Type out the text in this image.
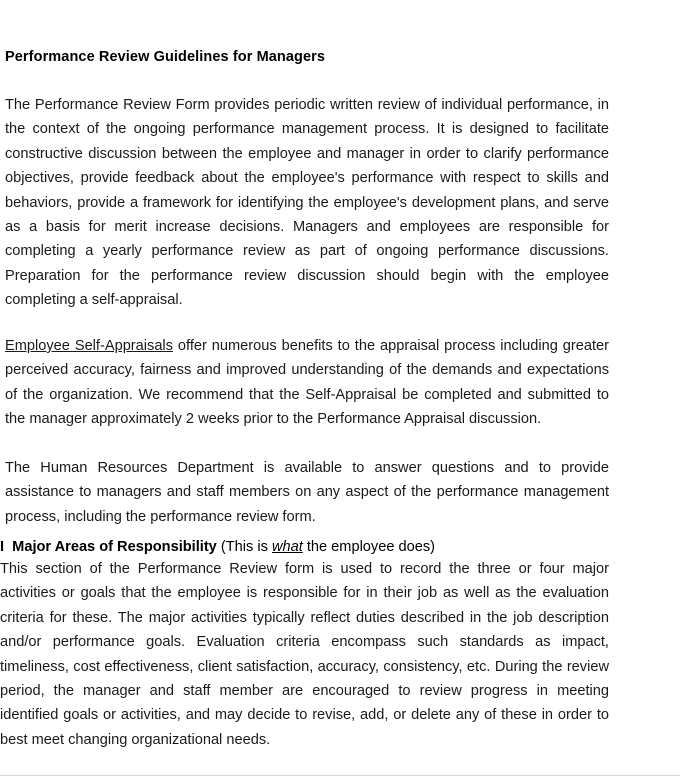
Performance Review Guidelines for Managers

The Performance Review Form provides periodic written review of individual performance, in the context of the ongoing performance management process. It is designed to facilitate constructive discussion between the employee and manager in order to clarify performance objectives, provide feedback about the employee's performance with respect to skills and behaviors, provide a framework for identifying the employee's development plans, and serve as a basis for merit increase decisions. Managers and employees are responsible for completing a yearly performance review as part of ongoing performance discussions. Preparation for the performance review discussion should begin with the employee completing a self-appraisal.

Employee Self-Appraisals offer numerous benefits to the appraisal process including greater perceived accuracy, fairness and improved understanding of the demands and expectations of the organization. We recommend that the Self-Appraisal be completed and submitted to the manager approximately 2 weeks prior to the Performance Appraisal discussion.

The Human Resources Department is available to answer questions and to provide assistance to managers and staff members on any aspect of the performance management process, including the performance review form.

I Major Areas of Responsibility (This is what the employee does)

This section of the Performance Review form is used to record the three or four major activities or goals that the employee is responsible for in their job as well as the evaluation criteria for these. The major activities typically reflect duties described in the job description and/or performance goals. Evaluation criteria encompass such standards as impact, timeliness, cost effectiveness, client satisfaction, accuracy, consistency, etc. During the review period, the manager and staff member are encouraged to review progress in meeting identified goals or activities, and may decide to revise, add, or delete any of these in order to best meet changing organizational needs.
